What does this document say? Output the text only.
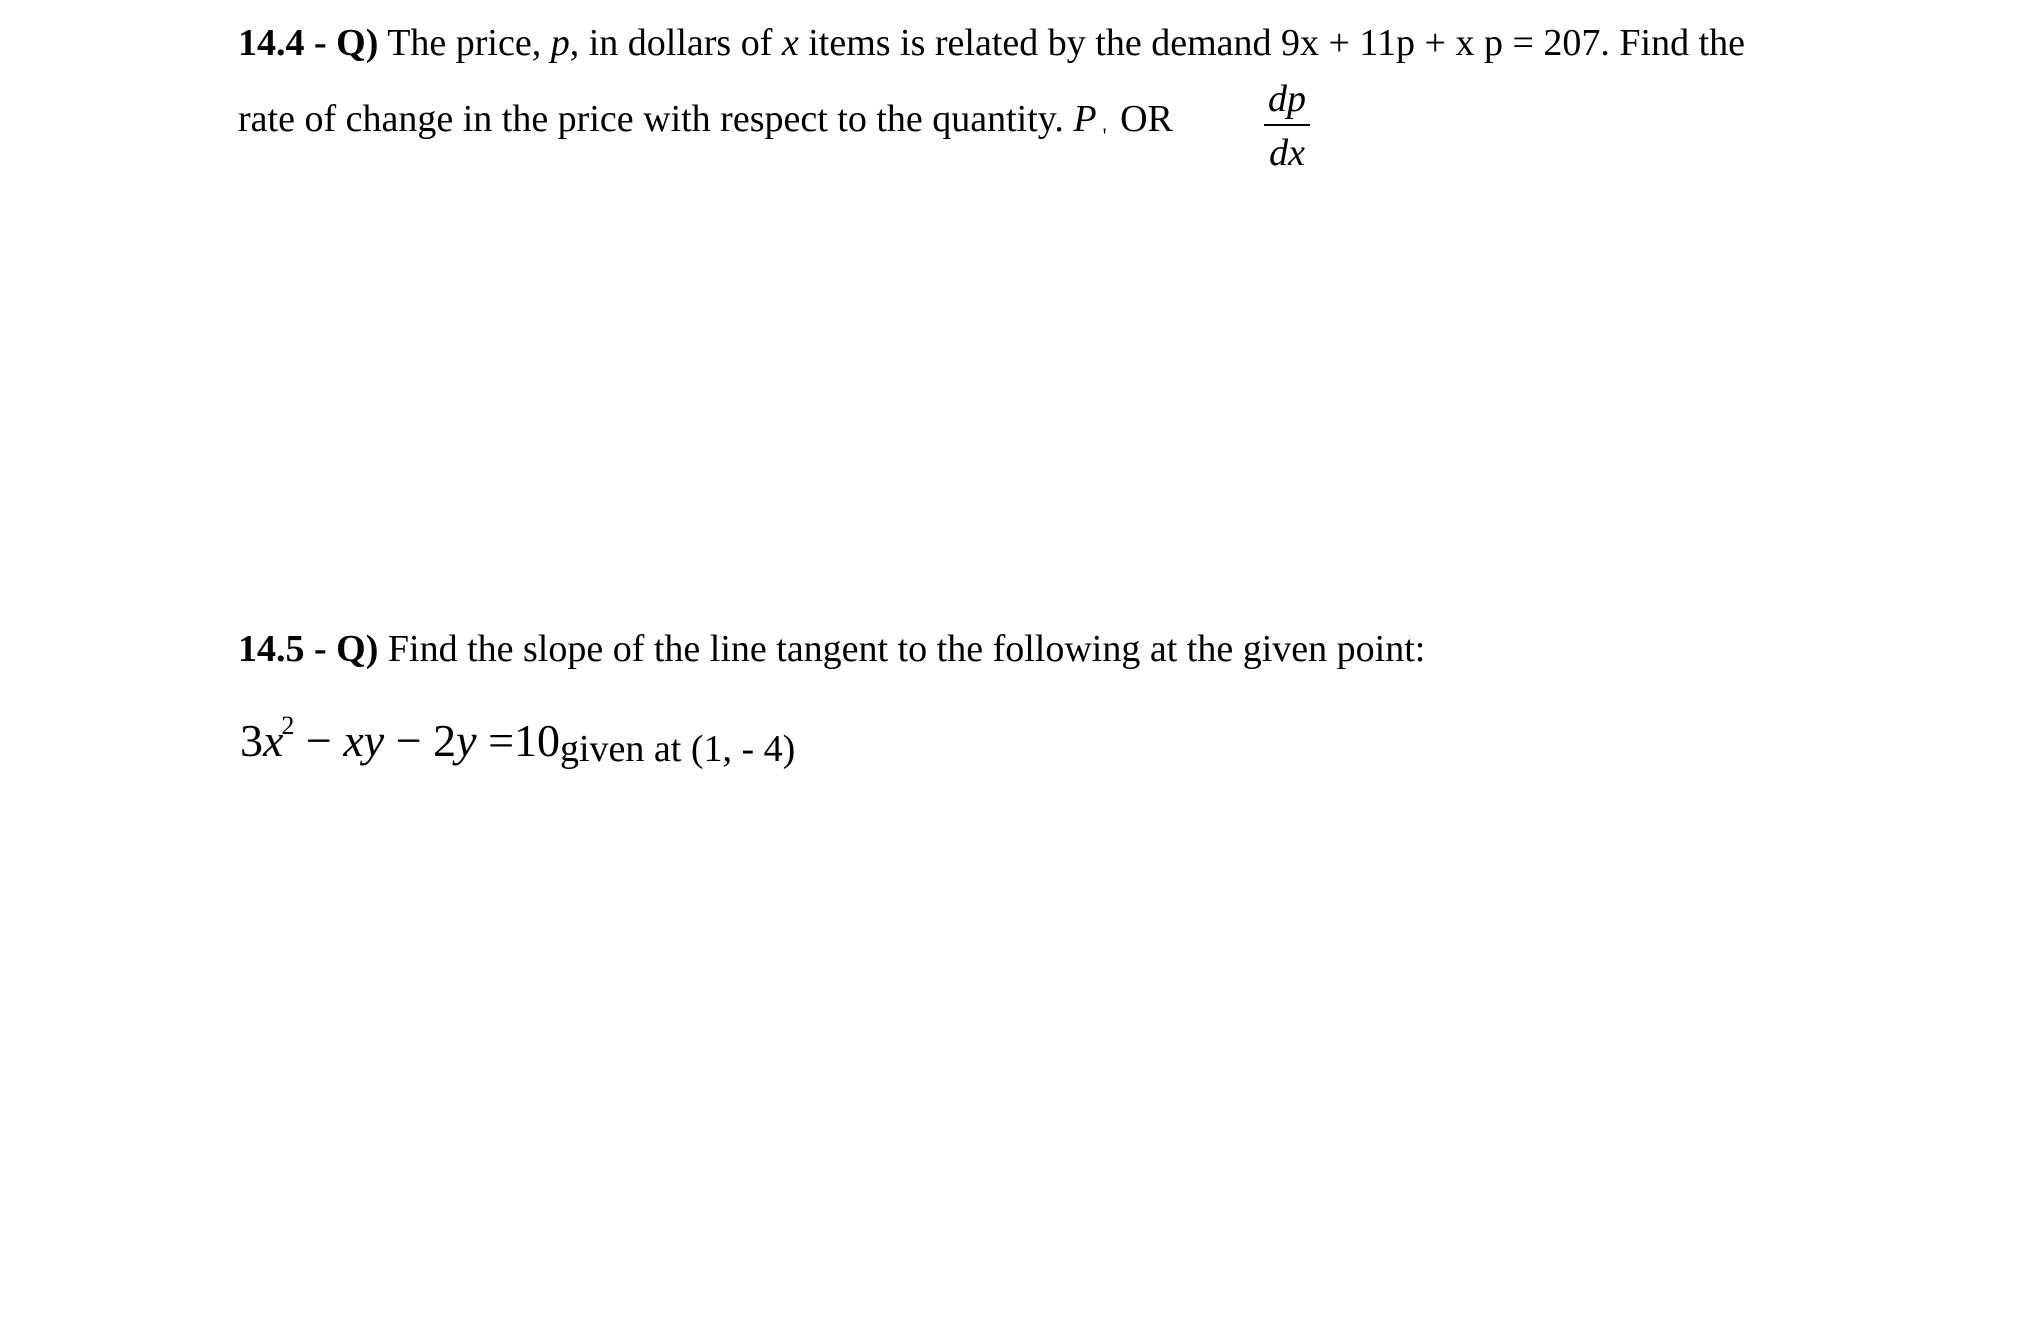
14.4 - Q) The price, p, in dollars of x items is related by the demand 9x + 11p + x p = 207. Find the
rate of change in the price with respect to the quantity. P ' OR	dp
dx
14.5 - Q) Find the slope of the line tangent to the following at the given point:
$3x^2$ − xy − 2y =10 given at (1, - 4)
